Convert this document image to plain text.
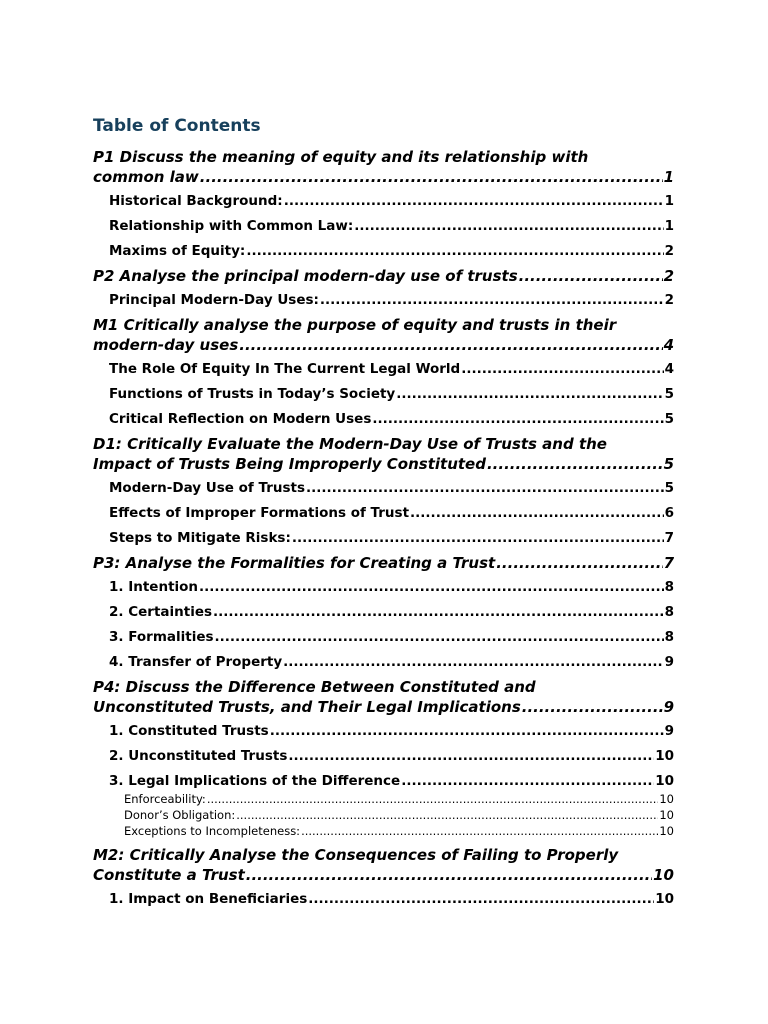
Table of Contents
P1 Discuss the meaning of equity and its relationship with
common law .....	1
Historical Background: .....	1
Relationship with Common Law: .....	1
Maxims of Equity: .....	2
P2 Analyse the principal modern-day use of trusts .....	2
Principal Modern-Day Uses: .....	2
M1 Critically analyse the purpose of equity and trusts in their
modern-day uses .....	4
The Role Of Equity In The Current Legal World .....	4
Functions of Trusts in Today’s Society .....	5
Critical Reflection on Modern Uses .....	5
D1: Critically Evaluate the Modern-Day Use of Trusts and the
Impact of Trusts Being Improperly Constituted .....	5
Modern-Day Use of Trusts .....	5
Effects of Improper Formations of Trust .....	6
Steps to Mitigate Risks: .....	7
P3: Analyse the Formalities for Creating a Trust .....	7
1. Intention .....	8
2. Certainties .....	8
3. Formalities .....	8
4. Transfer of Property .....	9
P4: Discuss the Difference Between Constituted and
Unconstituted Trusts, and Their Legal Implications .....	9
1. Constituted Trusts .....	9
2. Unconstituted Trusts .....	10
3. Legal Implications of the Difference .....	10
Enforceability: .....	10
Donor’s Obligation: .....	10
Exceptions to Incompleteness: .....	10
M2: Critically Analyse the Consequences of Failing to Properly
Constitute a Trust .....	10
1. Impact on Beneficiaries .....	10
